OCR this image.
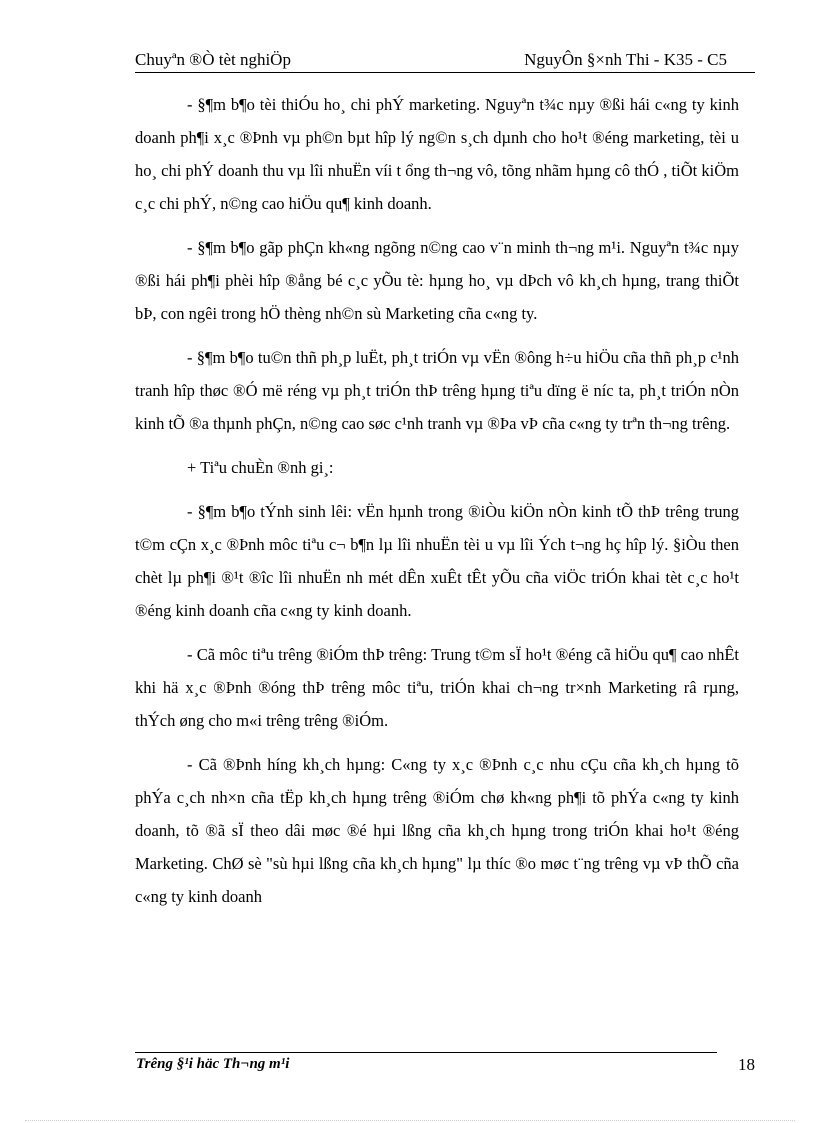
Chuyªn ®Ò tèt nghiÖp	NguyÔn §×nh Thi - K35 - C5

- §¶m b¶o tèi thiÓu ho¸ chi phÝ marketing. Nguyªn t¾c nµy ®ßi hái c«ng ty kinh doanh ph¶i x¸c ®Þnh vµ ph©n bµt hîp lý ng©n s¸ch dµnh cho ho¹t ®éng marketing, tèi u ho¸ chi phÝ doanh thu vµ lîi nhuËn víi t ổng th¬ng vô, tõng nhãm hµng cô thÓ , tiÕt kiÖm c¸c chi phÝ, n©ng cao hiÖu qu¶ kinh doanh.

- §¶m b¶o gãp phÇn kh«ng ngõng n©ng cao v¨n minh th¬ng m¹i. Nguyªn t¾c nµy ®ßi hái ph¶i phèi hîp ®ång bé c¸c yÕu tè: hµng ho¸ vµ dÞch vô kh¸ch hµng, trang thiÕt bÞ, con ngêi trong hÖ thèng nh©n sù Marketing cña c«ng ty.

- §¶m b¶o tu©n thñ ph¸p luËt, ph¸t triÓn vµ vËn ®ông h÷u hiÖu cña thñ ph¸p c¹nh tranh hîp thøc ®Ó më réng vµ ph¸t triÓn thÞ trêng hµng tiªu dïng ë níc ta, ph¸t triÓn nÒn kinh tÕ ®a thµnh phÇn, n©ng cao søc c¹nh tranh vµ ®Þa vÞ cña c«ng ty trªn th¬ng trêng.

+ Tiªu chuÈn ®nh gi¸:

- §¶m b¶o tÝnh sinh lêi: vËn hµnh trong ®iÒu kiÖn nÒn kinh tÕ thÞ trêng trung t©m cÇn x¸c ®Þnh môc tiªu c¬ b¶n lµ lîi nhuËn tèi u vµ lîi Ých t¬ng hç hîp lý. §iÒu then chèt lµ ph¶i ®¹t ®îc lîi nhuËn nh mét dÊn xuÊt tÊt yÕu cña viÖc triÓn khai tèt c¸c ho¹t ®éng kinh doanh cña c«ng ty kinh doanh.

- Cã môc tiªu trêng ®iÓm thÞ trêng: Trung t©m sÏ ho¹t ®éng cã hiÖu qu¶ cao nhÊt khi hä x¸c ®Þnh ®óng thÞ trêng môc tiªu, triÓn khai ch¬ng tr×nh Marketing râ rµng, thÝch øng cho m«i trêng trêng ®iÓm.

- Cã ®Þnh híng kh¸ch hµng: C«ng ty x¸c ®Þnh c¸c nhu cÇu cña kh¸ch hµng tõ phÝa c¸ch nh×n cña tËp kh¸ch hµng trêng ®iÓm chø kh«ng ph¶i tõ phÝa c«ng ty kinh doanh, tõ ®ã sÏ theo dâi møc ®é hµi lßng cña kh¸ch hµng trong triÓn khai ho¹t ®éng Marketing. ChØ sè "sù hµi lßng cña kh¸ch hµng" lµ thíc ®o møc t¨ng trêng vµ vÞ thÕ cña c«ng ty kinh doanh

Trêng §¹i häc Th¬ng m¹i	18
